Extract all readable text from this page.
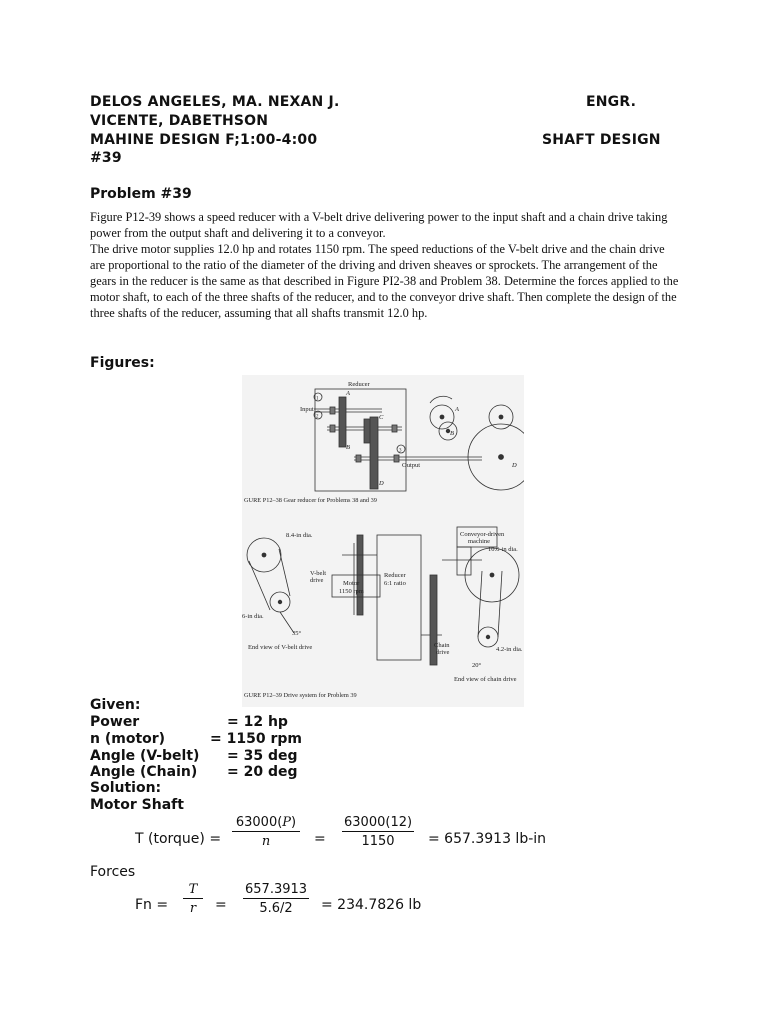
DELOS ANGELES, MA. NEXAN J.	ENGR.
VICENTE, DABETHSON
MAHINE DESIGN F;1:00-4:00	SHAFT DESIGN
#39
Problem #39

Figure P12-39 shows a speed reducer with a V-belt drive delivering power to the input shaft and a chain drive taking power from the output shaft and delivering it to a conveyor.

The drive motor supplies 12.0 hp and rotates 1150 rpm. The speed reductions of the V-belt drive and the chain drive are proportional to the ratio of the diameter of the driving and driven sheaves or sprockets. The arrangement of the gears in the reducer is the same as that described in Figure PI2-38 and Problem 38. Determine the forces applied to the motor shaft, to each of the three shafts of the reducer, and to the conveyor drive shaft. Then complete the design of the three shafts of the reducer, assuming that all shafts transmit 12.0 hp.

Figures:
Reducer
Input
Output
1
2
3
A
B
C
D
A
B
D
GURE P12–38 Gear reducer for Problems 38 and 39
8.4-in dia.
V-belt
drive	Motor
1150 rpm
6-in dia.
35°
End view of V-belt drive
Reducer
6:1 ratio
Conveyor-driven
machine
10.6-in dia.
Chain
drive	4.2-in dia.
20°
End view of chain drive
GURE P12–39 Drive system for Problem 39
Given:
Power	= 12 hp
n (motor)	= 1150 rpm
Angle (V-belt) = 35 deg
Angle (Chain) = 20 deg
Solution:
Motor Shaft
T (torque) = $\frac{63000(P)}{n} = \frac{63000(12)}{1150} = 657.3913$ lb-in
Forces
$Fn = \frac{T}{r} = \frac{657.3913}{5.6/2} = 234.7826$ lb
